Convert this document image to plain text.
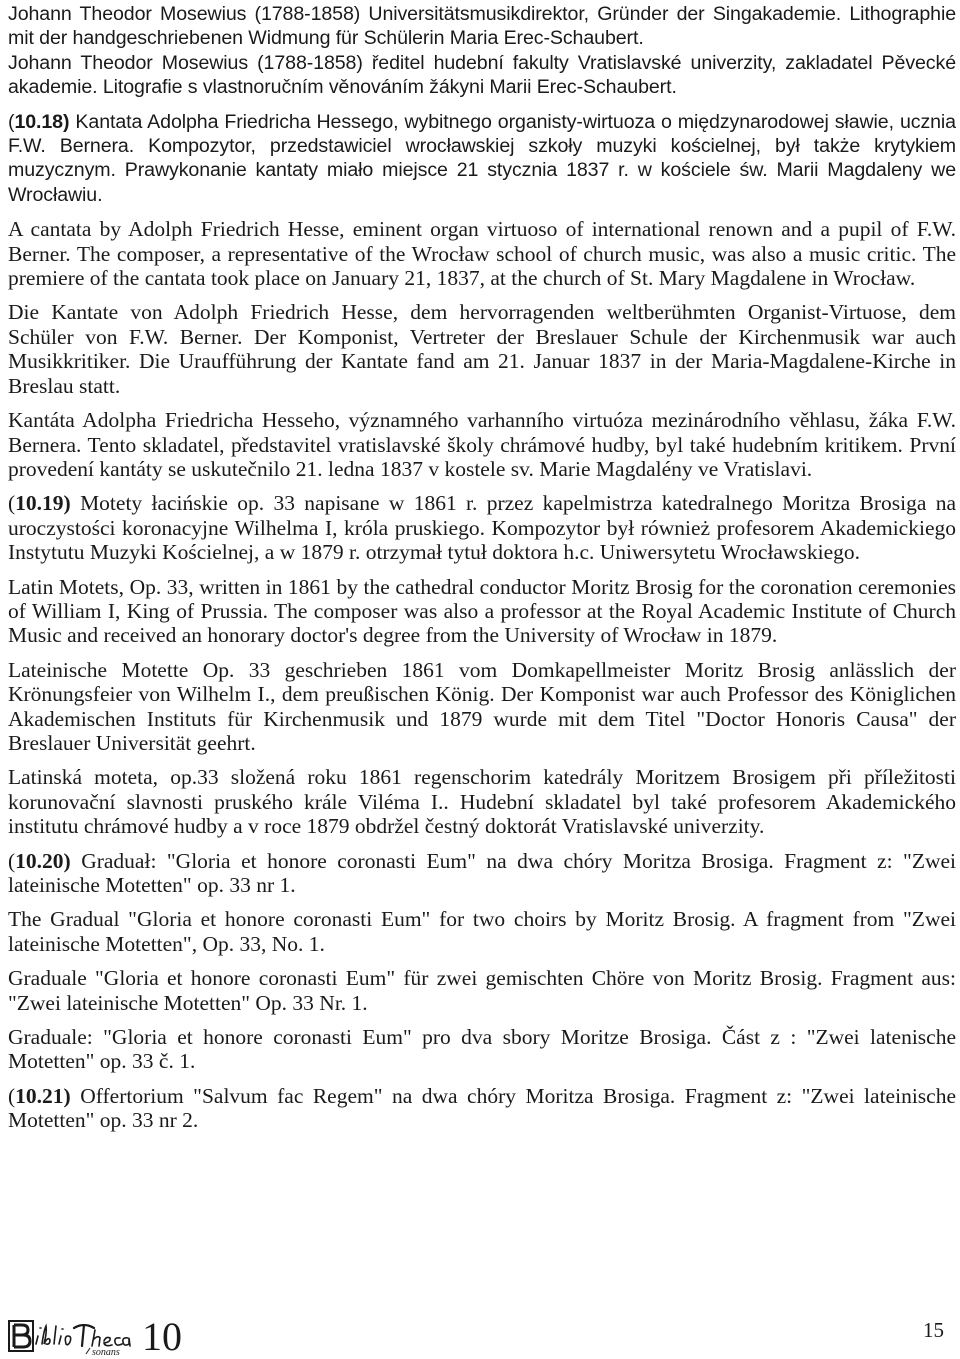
Johann Theodor Mosewius (1788-1858) Universitätsmusikdirektor, Gründer der Singakademie. Lithographie mit der handgeschriebenen Widmung für Schülerin Maria Erec-Schaubert.

Johann Theodor Mosewius (1788-1858) ředitel hudební fakulty Vratislavské univerzity, zakladatel Pěvecké akademie. Litografie s vlastnoručním věnováním žákyni Marii Erec-Schaubert.

(10.18) Kantata Adolpha Friedricha Hessego, wybitnego organisty-wirtuoza o międzynarodowej sławie, ucznia F.W. Bernera. Kompozytor, przedstawiciel wrocławskiej szkoły muzyki kościelnej, był także krytykiem muzycznym. Prawykonanie kantaty miało miejsce 21 stycznia 1837 r. w kościele św. Marii Magdaleny we Wrocławiu.

A cantata by Adolph Friedrich Hesse, eminent organ virtuoso of international renown and a pupil of F.W. Berner. The composer, a representative of the Wrocław school of church music, was also a music critic. The premiere of the cantata took place on January 21, 1837, at the church of St. Mary Magdalene in Wrocław.

Die Kantate von Adolph Friedrich Hesse, dem hervorragenden weltberühmten Organist-Virtuose, dem Schüler von F.W. Berner. Der Komponist, Vertreter der Breslauer Schule der Kirchenmusik war auch Musikkritiker. Die Uraufführung der Kantate fand am 21. Januar 1837 in der Maria-Magdalene-Kirche in Breslau statt.

Kantáta Adolpha Friedricha Hesseho, významného varhanního virtuóza mezinárodního věhlasu, žáka F.W. Bernera. Tento skladatel, představitel vratislavské školy chrámové hudby, byl také hudebním kritikem. První provedení kantáty se uskutečnilo 21. ledna 1837 v kostele sv. Marie Magdalény ve Vratislavi.

(10.19) Motety łacińskie op. 33 napisane w 1861 r. przez kapelmistrza katedralnego Moritza Brosiga na uroczystości koronacyjne Wilhelma I, króla pruskiego. Kompozytor był również profesorem Akademickiego Instytutu Muzyki Kościelnej, a w 1879 r. otrzymał tytuł doktora h.c. Uniwersytetu Wrocławskiego.

Latin Motets, Op. 33, written in 1861 by the cathedral conductor Moritz Brosig for the coronation ceremonies of William I, King of Prussia. The composer was also a professor at the Royal Academic Institute of Church Music and received an honorary doctor's degree from the University of Wrocław in 1879.

Lateinische Motette Op. 33 geschrieben 1861 vom Domkapellmeister Moritz Brosig anlässlich der Krönungsfeier von Wilhelm I., dem preußischen König. Der Komponist war auch Professor des Königlichen Akademischen Instituts für Kirchenmusik und 1879 wurde mit dem Titel "Doctor Honoris Causa" der Breslauer Universität geehrt.

Latinská moteta, op.33 složená roku 1861 regenschorim katedrály Moritzem Brosigem při příležitosti korunovační slavnosti pruského krále Viléma I.. Hudební skladatel byl také profesorem Akademického institutu chrámové hudby a v roce 1879 obdržel čestný doktorát Vratislavské univerzity.

(10.20) Graduał: "Gloria et honore coronasti Eum" na dwa chóry Moritza Brosiga. Fragment z: "Zwei lateinische Motetten" op. 33 nr 1.

The Gradual "Gloria et honore coronasti Eum" for two choirs by Moritz Brosig. A fragment from "Zwei lateinische Motetten", Op. 33, No. 1.

Graduale "Gloria et honore coronasti Eum" für zwei gemischten Chöre von Moritz Brosig. Fragment aus: "Zwei lateinische Motetten" Op. 33 Nr. 1.

Graduale: "Gloria et honore coronasti Eum" pro dva sbory Moritze Brosiga. Část z : "Zwei latenische Motetten" op. 33 č. 1.

(10.21) Offertorium "Salvum fac Regem" na dwa chóry Moritza Brosiga. Fragment z: "Zwei lateinische Motetten" op. 33 nr 2.

sonans 10	15
